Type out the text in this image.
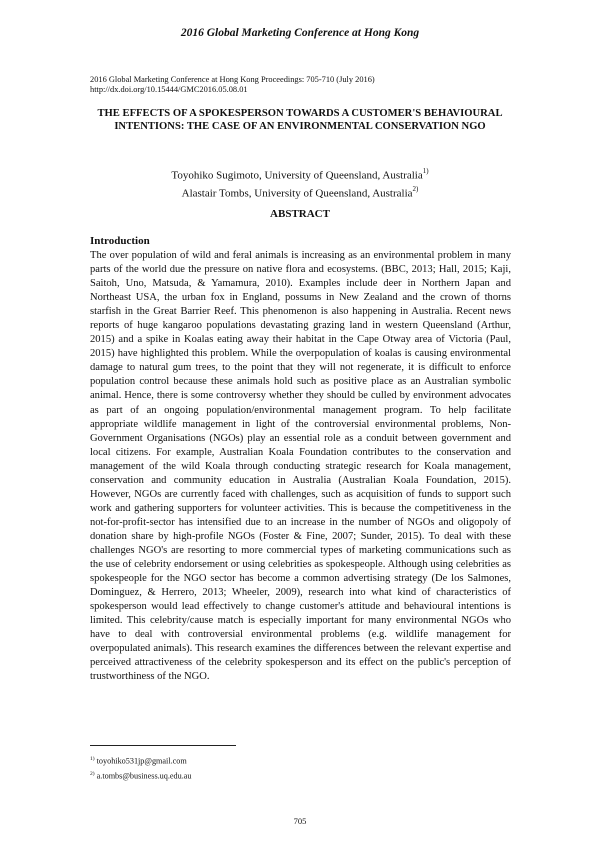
2016 Global Marketing Conference at Hong Kong
2016 Global Marketing Conference at Hong Kong Proceedings: 705-710 (July 2016)
http://dx.doi.org/10.15444/GMC2016.05.08.01
THE EFFECTS OF A SPOKESPERSON TOWARDS A CUSTOMER'S BEHAVIOURAL INTENTIONS: THE CASE OF AN ENVIRONMENTAL CONSERVATION NGO
Toyohiko Sugimoto, University of Queensland, Australia$^{1)}$
Alastair Tombs, University of Queensland, Australia$^{2)}$
ABSTRACT
Introduction

The over population of wild and feral animals is increasing as an environmental problem in many parts of the world due the pressure on native flora and ecosystems. (BBC, 2013; Hall, 2015; Kaji, Saitoh, Uno, Matsuda, & Yamamura, 2010). Examples include deer in Northern Japan and Northeast USA, the urban fox in England, possums in New Zealand and the crown of thorns starfish in the Great Barrier Reef. This phenomenon is also happening in Australia. Recent news reports of huge kangaroo populations devastating grazing land in western Queensland (Arthur, 2015) and a spike in Koalas eating away their habitat in the Cape Otway area of Victoria (Paul, 2015) have highlighted this problem. While the overpopulation of koalas is causing environmental damage to natural gum trees, to the point that they will not regenerate, it is difficult to enforce population control because these animals hold such as positive place as an Australian symbolic animal. Hence, there is some controversy whether they should be culled by environment advocates as part of an ongoing population/environmental management program. To help facilitate appropriate wildlife management in light of the controversial environmental problems, Non-Government Organisations (NGOs) play an essential role as a conduit between government and local citizens. For example, Australian Koala Foundation contributes to the conservation and management of the wild Koala through conducting strategic research for Koala management, conservation and community education in Australia (Australian Koala Foundation, 2015). However, NGOs are currently faced with challenges, such as acquisition of funds to support such work and gathering supporters for volunteer activities. This is because the competitiveness in the not-for-profit-sector has intensified due to an increase in the number of NGOs and oligopoly of donation share by high-profile NGOs (Foster & Fine, 2007; Sunder, 2015). To deal with these challenges NGO's are resorting to more commercial types of marketing communications such as the use of celebrity endorsement or using celebrities as spokespeople. Although using celebrities as spokespeople for the NGO sector has become a common advertising strategy (De los Salmones, Dominguez, & Herrero, 2013; Wheeler, 2009), research into what kind of characteristics of spokesperson would lead effectively to change customer's attitude and behavioural intentions is limited. This celebrity/cause match is especially important for many environmental NGOs who have to deal with controversial environmental problems (e.g. wildlife management for overpopulated animals). This research examines the differences between the relevant expertise and perceived attractiveness of the celebrity spokesperson and its effect on the public's perception of trustworthiness of the NGO.

$^{1)}$ toyohiko531jp@gmail.com
$^{2)}$ a.tombs@business.uq.edu.au
705
